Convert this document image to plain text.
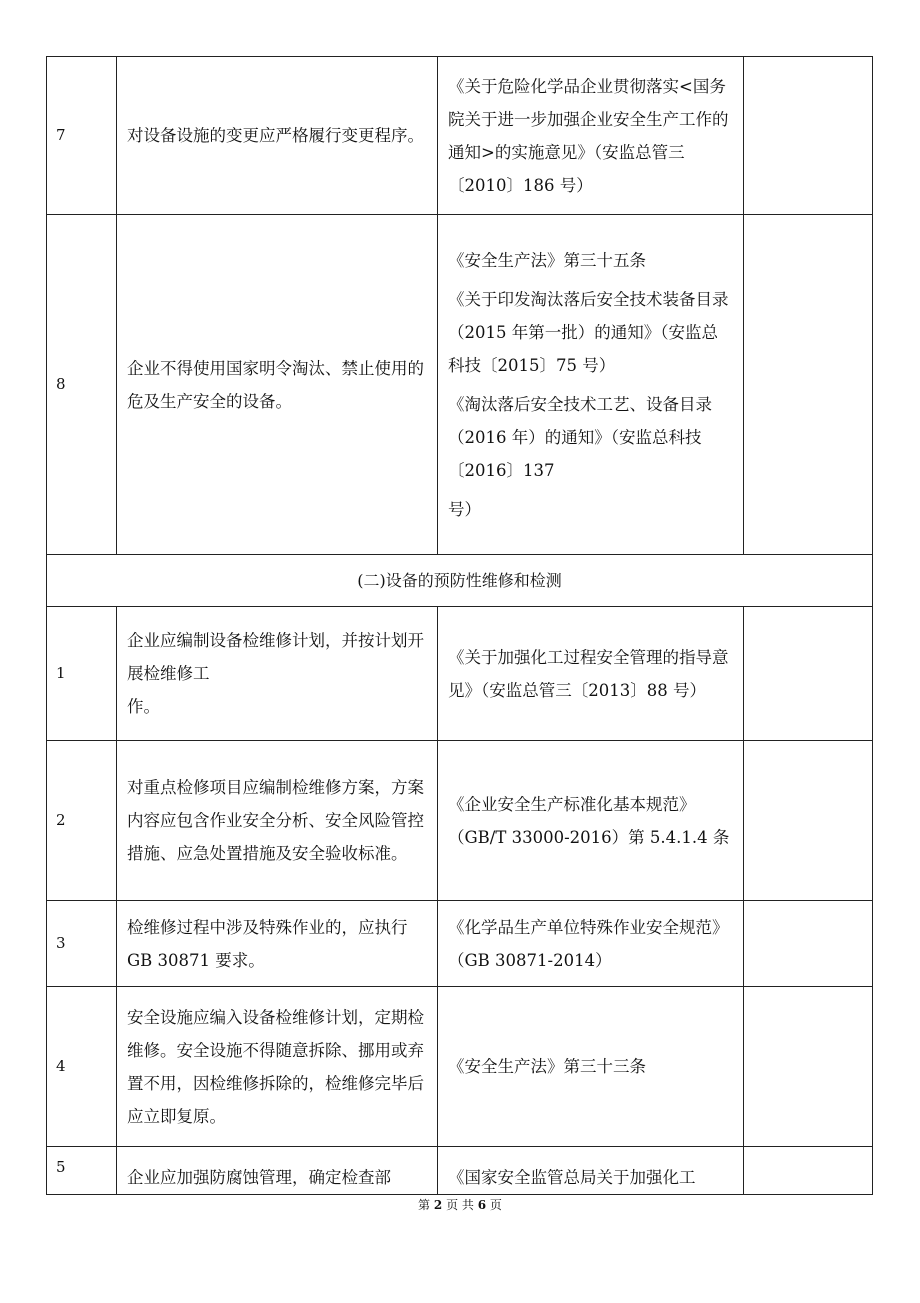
7	对设备设施的变更应严格履行变更程序。	《关于危险化学品企业贯彻落实<国务院关于进一步加强企业安全生产工作的通知>的实施意见》（安监总管三〔2010〕186 号）	

8	企业不得使用国家明令淘汰、禁止使用的危及生产安全的设备。	《安全生产法》第三十五条

《关于印发淘汰落后安全技术装备目录（2015 年第一批）的通知》（安监总科技〔2015〕75 号）

《淘汰落后安全技术工艺、设备目录（2016 年）的通知》（安监总科技〔2016〕137

号）	

(二)设备的预防性维修和检测			
1	企业应编制设备检维修计划，并按计划开展检维修工

作。	《关于加强化工过程安全管理的指导意见》（安监总管三〔2013〕88 号）	

2	对重点检修项目应编制检维修方案，方案内容应包含作业安全分析、安全风险管控措施、应急处置措施及安全验收标准。	《企业安全生产标准化基本规范》（GB/T 33000-2016）第 5.4.1.4 条	

3	检维修过程中涉及特殊作业的，应执行 GB 30871 要求。	《化学品生产单位特殊作业安全规范》（GB 30871-2014）	

4	安全设施应编入设备检维修计划，定期检维修。安全设施不得随意拆除、挪用或弃置不用，因检维修拆除的，检维修完毕后应立即复原。	《安全生产法》第三十三条	

5	企业应加强防腐蚀管理，确定检查部	《国家安全监管总局关于加强化工	

第 2 页 共 6 页
